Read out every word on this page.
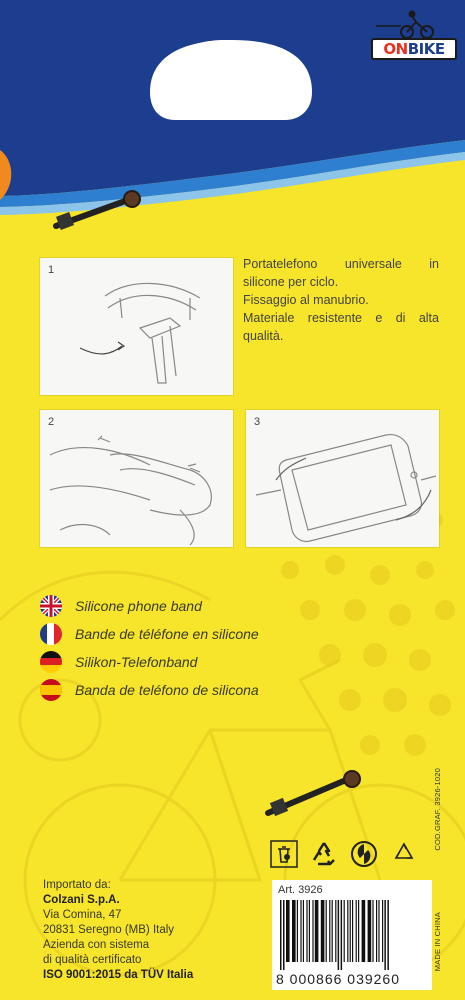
ONBIKE
1
2	3

Portatelefono universale in

silicone per ciclo.

Fissaggio al manubrio.

Materiale resistente e di alta qualità.

Silicone phone band
Bande de téléfone en silicone
Silikon-Telefonband
Banda de teléfono de silicona
COD.GRAF. 3926-1020
MADE IN CHINA
Art. 3926
8 000866 039260
Importato da:
Colzani S.p.A.
Via Comina, 47
20831 Seregno (MB) Italy
Azienda con sistema
di qualità certificato
ISO 9001:2015 da TÜV Italia
